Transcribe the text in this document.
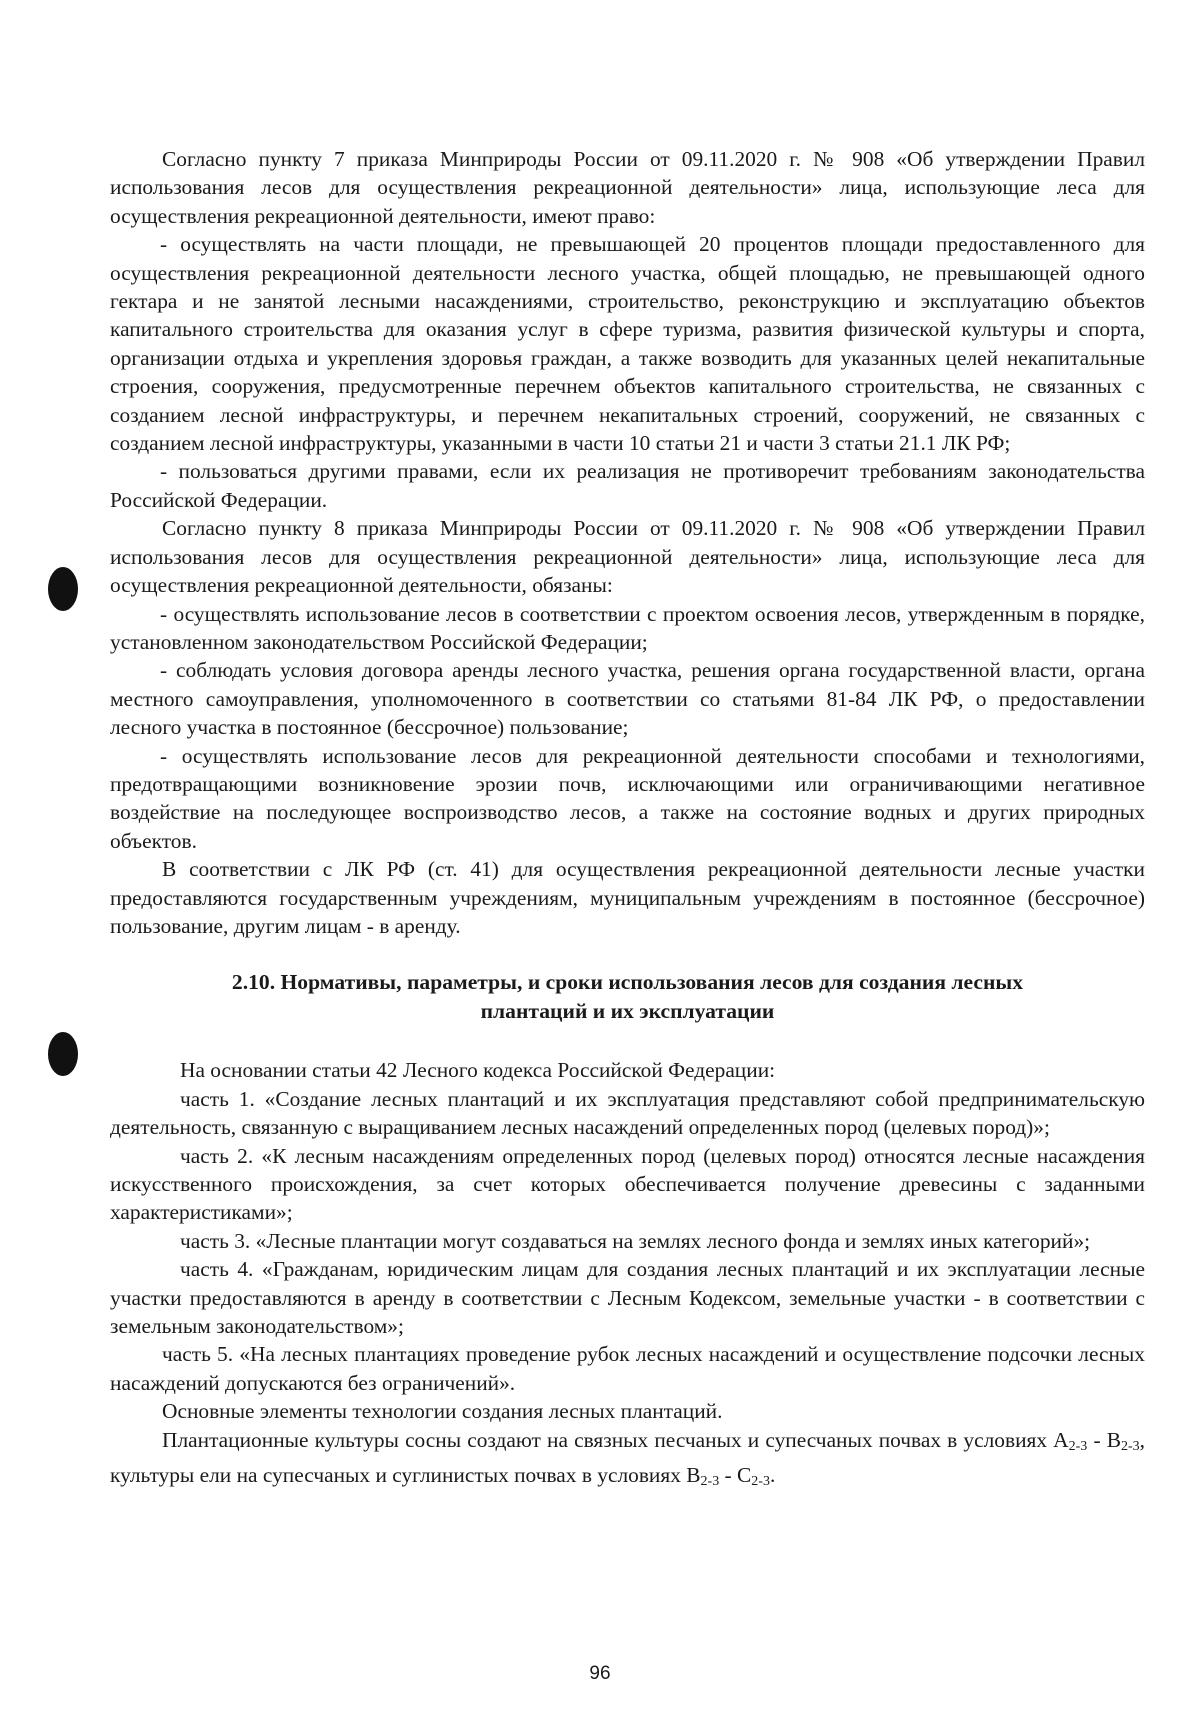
Согласно пункту 7 приказа Минприроды России от 09.11.2020 г. № 908 «Об утверждении Правил использования лесов для осуществления рекреационной деятельности» лица, использующие леса для осуществления рекреационной деятельности, имеют право:

- осуществлять на части площади, не превышающей 20 процентов площади предоставленного для осуществления рекреационной деятельности лесного участка, общей площадью, не превышающей одного гектара и не занятой лесными насаждениями, строительство, реконструкцию и эксплуатацию объектов капитального строительства для оказания услуг в сфере туризма, развития физической культуры и спорта, организации отдыха и укрепления здоровья граждан, а также возводить для указанных целей некапитальные строения, сооружения, предусмотренные перечнем объектов капитального строительства, не связанных с созданием лесной инфраструктуры, и перечнем некапитальных строений, сооружений, не связанных с созданием лесной инфраструктуры, указанными в части 10 статьи 21 и части 3 статьи 21.1 ЛК РФ;

- пользоваться другими правами, если их реализация не противоречит требованиям законодательства Российской Федерации.

Согласно пункту 8 приказа Минприроды России от 09.11.2020 г. № 908 «Об утверждении Правил использования лесов для осуществления рекреационной деятельности» лица, использующие леса для осуществления рекреационной деятельности, обязаны:

- осуществлять использование лесов в соответствии с проектом освоения лесов, утвержденным в порядке, установленном законодательством Российской Федерации;

- соблюдать условия договора аренды лесного участка, решения органа государственной власти, органа местного самоуправления, уполномоченного в соответствии со статьями 81-84 ЛК РФ, о предоставлении лесного участка в постоянное (бессрочное) пользование;

- осуществлять использование лесов для рекреационной деятельности способами и технологиями, предотвращающими возникновение эрозии почв, исключающими или ограничивающими негативное воздействие на последующее воспроизводство лесов, а также на состояние водных и других природных объектов.

В соответствии с ЛК РФ (ст. 41) для осуществления рекреационной деятельности лесные участки предоставляются государственным учреждениям, муниципальным учреждениям в постоянное (бессрочное) пользование, другим лицам - в аренду.

2.10. Нормативы, параметры, и сроки использования лесов для создания лесных
плантаций и их эксплуатации

На основании статьи 42 Лесного кодекса Российской Федерации:

часть 1. «Создание лесных плантаций и их эксплуатация представляют собой предпринимательскую деятельность, связанную с выращиванием лесных насаждений определенных пород (целевых пород)»;

часть 2. «К лесным насаждениям определенных пород (целевых пород) относятся лесные насаждения искусственного происхождения, за счет которых обеспечивается получение древесины с заданными характеристиками»;

часть 3. «Лесные плантации могут создаваться на землях лесного фонда и землях иных категорий»;

часть 4. «Гражданам, юридическим лицам для создания лесных плантаций и их эксплуатации лесные участки предоставляются в аренду в соответствии с Лесным Кодексом, земельные участки - в соответствии с земельным законодательством»;

часть 5. «На лесных плантациях проведение рубок лесных насаждений и осуществление подсочки лесных насаждений допускаются без ограничений».

Основные элементы технологии создания лесных плантаций.

Плантационные культуры сосны создают на связных песчаных и супесчаных почвах в условиях $А_{2-3} - В_{2-3}$, культуры ели на супесчаных и суглинистых почвах в условиях $В_{2-3} - С_{2-3}$.

96
